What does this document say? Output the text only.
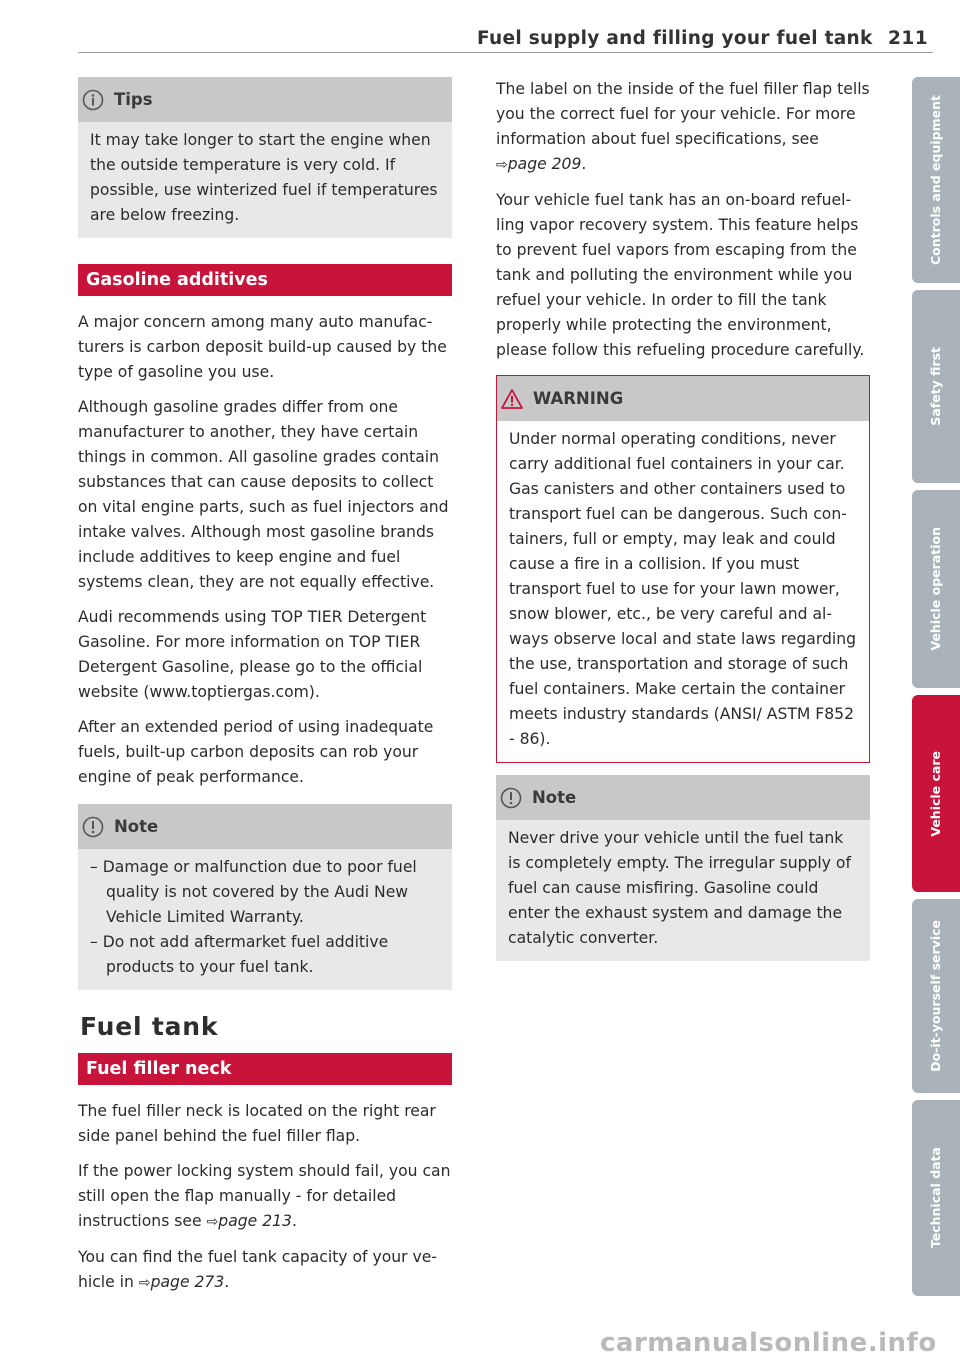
Fuel supply and filling your fuel tank 211
Tips

It may take longer to start the engine when the outside temperature is very cold. If possible, use winterized fuel if temperatures are below freezing.

Gasoline additives

A major concern among many auto manufacturers is carbon deposit build-up caused by the type of gasoline you use.

Although gasoline grades differ from one manufacturer to another, they have certain things in common. All gasoline grades contain substances that can cause deposits to collect on vital engine parts, such as fuel injectors and intake valves. Although most gasoline brands include additives to keep engine and fuel systems clean, they are not equally effective.

Audi recommends using TOP TIER Detergent Gasoline. For more information on TOP TIER Detergent Gasoline, please go to the official website (www.toptiergas.com).

After an extended period of using inadequate fuels, built-up carbon deposits can rob your engine of peak performance.

Note

– Damage or malfunction due to poor fuel quality is not covered by the Audi New Vehicle Limited Warranty.

– Do not add aftermarket fuel additive products to your fuel tank.

Fuel tank
Fuel filler neck

The fuel filler neck is located on the right rear side panel behind the fuel filler flap.

If the power locking system should fail, you can still open the flap manually - for detailed instructions see ⇨page 213.

You can find the fuel tank capacity of your vehicle in ⇨page 273.

The label on the inside of the fuel filler flap tells you the correct fuel for your vehicle. For more information about fuel specifications, see ⇨page 209.

Your vehicle fuel tank has an on-board refuelling vapor recovery system. This feature helps to prevent fuel vapors from escaping from the tank and polluting the environment while you refuel your vehicle. In order to fill the tank properly while protecting the environment, please follow this refueling procedure carefully.

WARNING

Under normal operating conditions, never carry additional fuel containers in your car. Gas canisters and other containers used to transport fuel can be dangerous. Such containers, full or empty, may leak and could cause a fire in a collision. If you must transport fuel to use for your lawn mower, snow blower, etc., be very careful and always observe local and state laws regarding the use, transportation and storage of such fuel containers. Make certain the container meets industry standards (ANSI/ ASTM F852 - 86).

Note

Never drive your vehicle until the fuel tank is completely empty. The irregular supply of fuel can cause misfiring. Gasoline could enter the exhaust system and damage the catalytic converter.

Controls and equipment
Safety first
Vehicle operation
Vehicle care
Do-it-yourself service
Technical data
carmanualsonline.info
